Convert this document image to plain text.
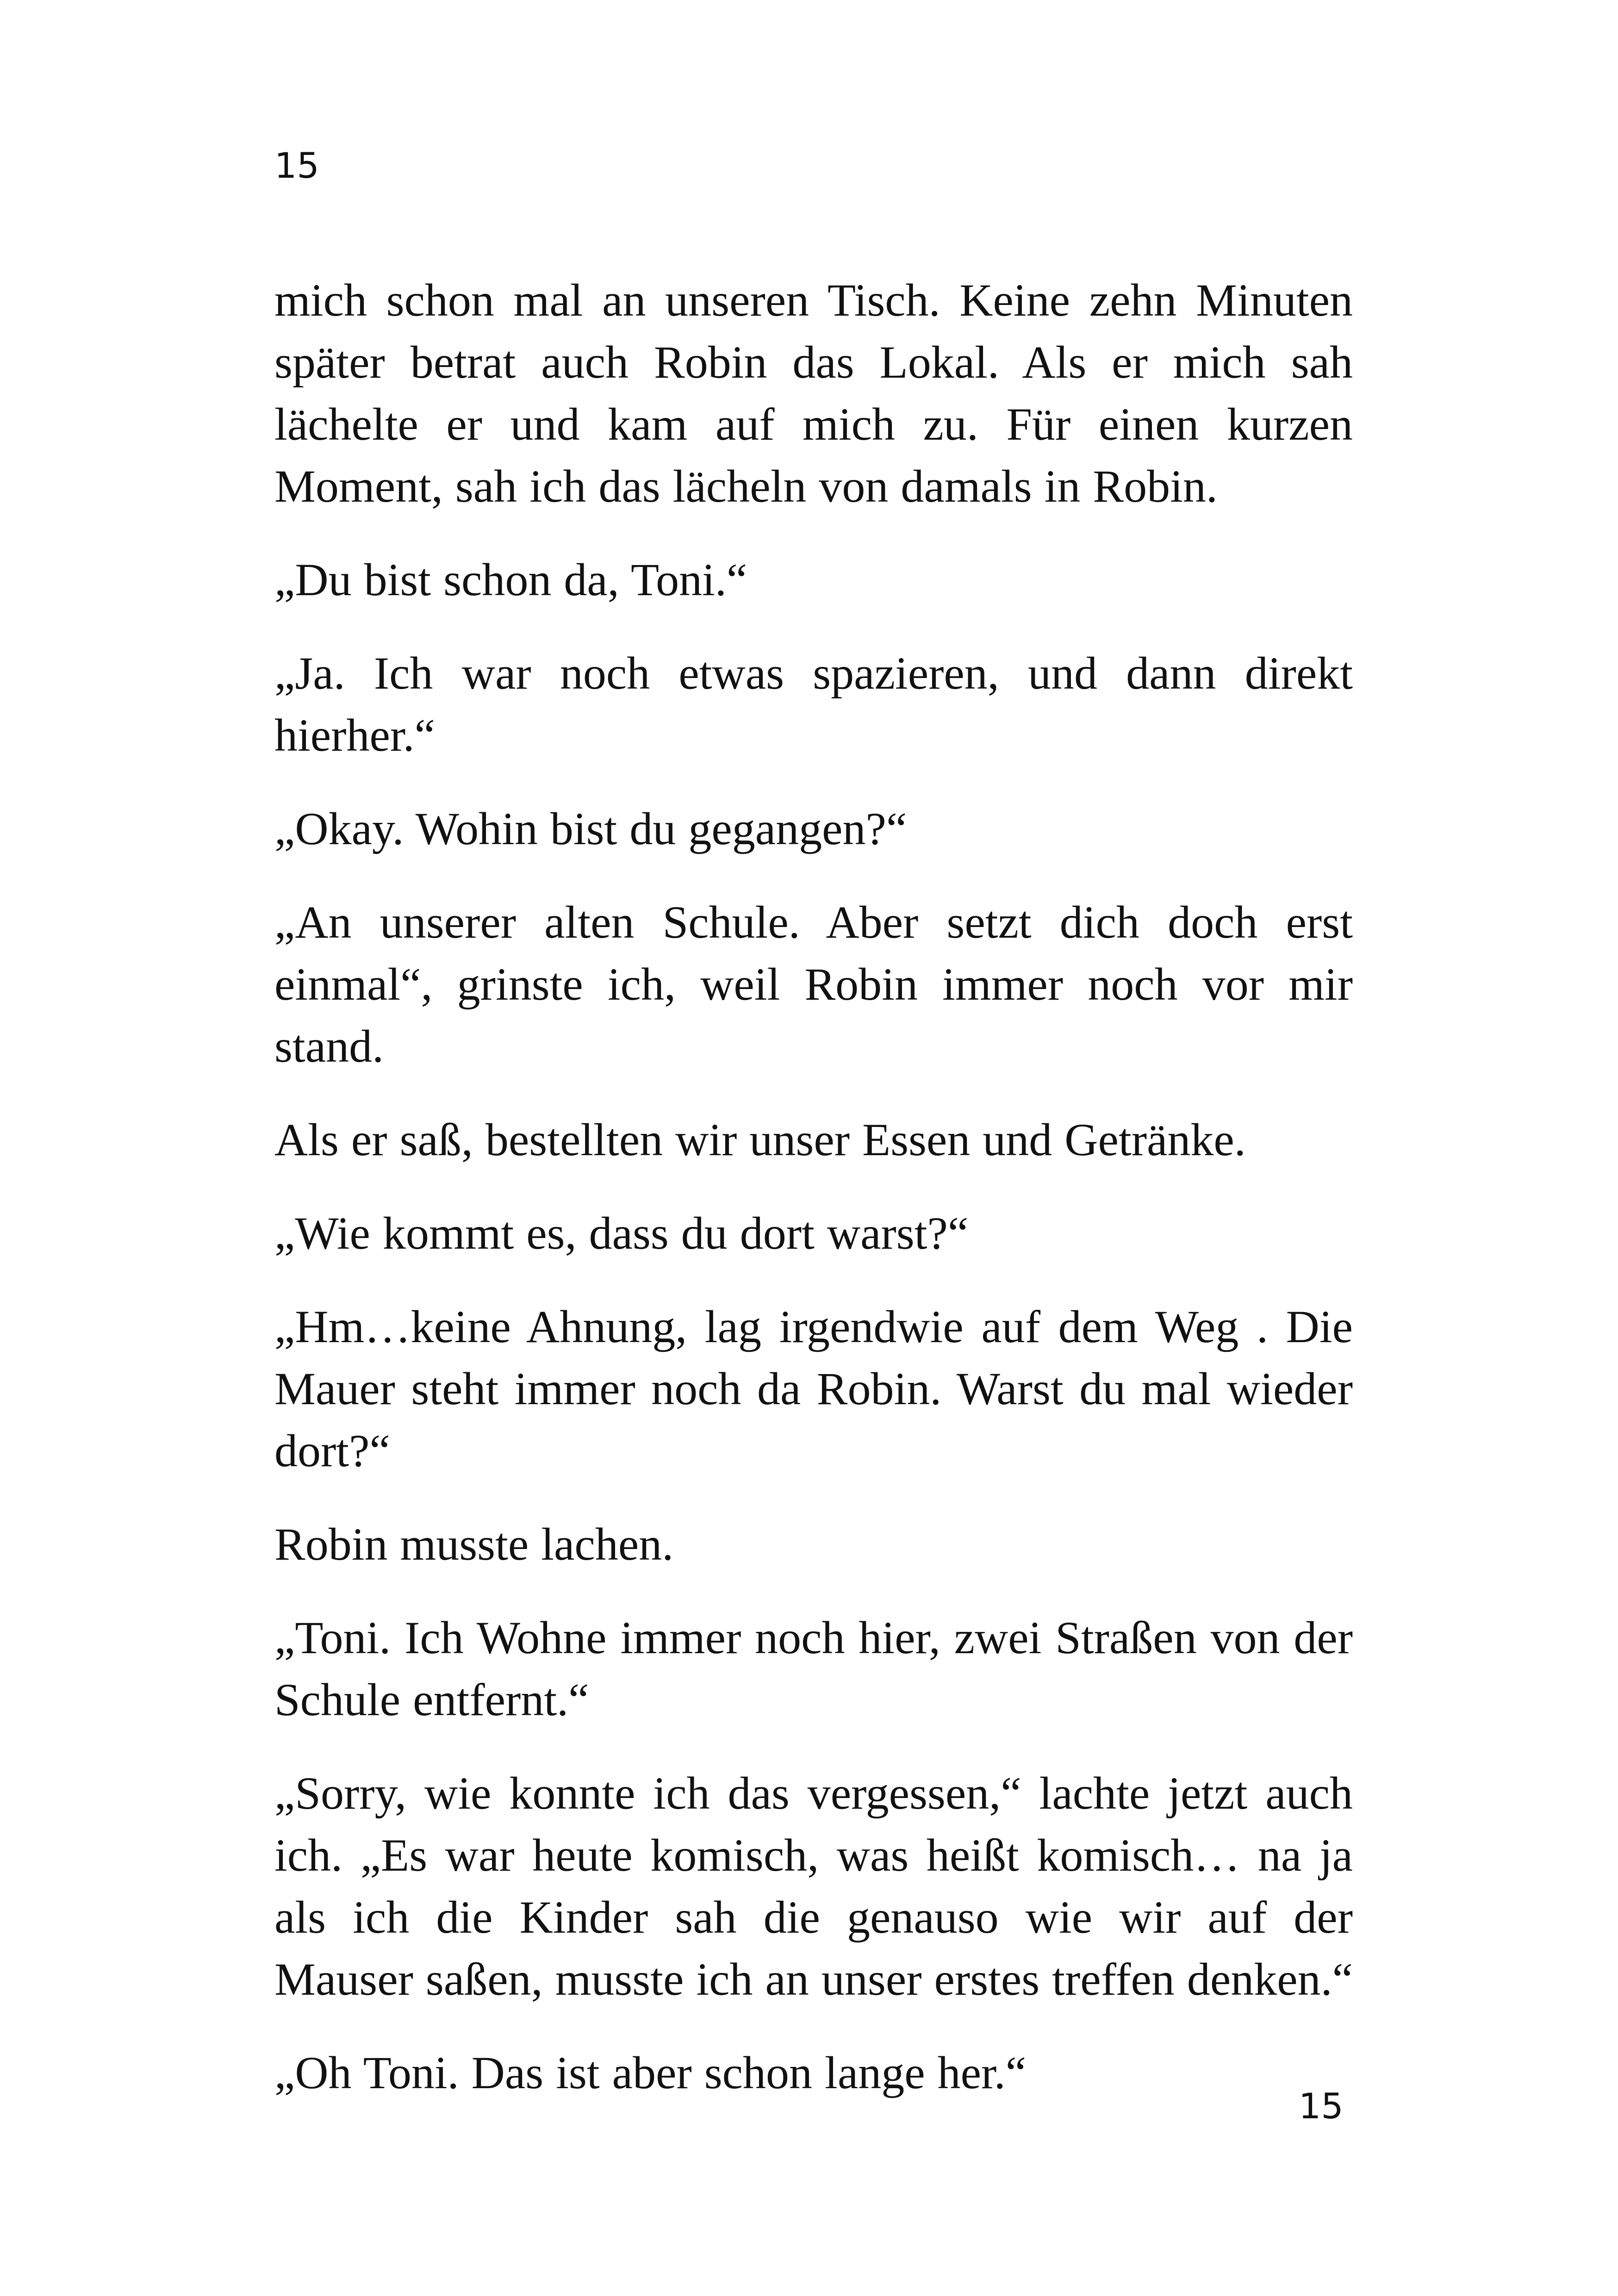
15

mich schon mal an unseren Tisch. Keine zehn Minuten später betrat auch Robin das Lokal. Als er mich sah lächelte er und kam auf mich zu. Für einen kurzen Moment, sah ich das lächeln von damals in Robin.

„Du bist schon da, Toni.“

„Ja. Ich war noch etwas spazieren, und dann direkt hierher.“

„Okay. Wohin bist du gegangen?“

„An unserer alten Schule. Aber setzt dich doch erst einmal“, grinste ich, weil Robin immer noch vor mir stand.

Als er saß, bestellten wir unser Essen und Getränke.

„Wie kommt es, dass du dort warst?“

„Hm…keine Ahnung, lag irgendwie auf dem Weg . Die Mauer steht immer noch da Robin. Warst du mal wieder dort?“

Robin musste lachen.

„Toni. Ich Wohne immer noch hier, zwei Straßen von der Schule entfernt.“

„Sorry, wie konnte ich das vergessen,“ lachte jetzt auch ich. „Es war heute komisch, was heißt komisch… na ja als ich die Kinder sah die genauso wie wir auf der Mauser saßen, musste ich an unser erstes treffen denken.“

„Oh Toni. Das ist aber schon lange her.“

15
